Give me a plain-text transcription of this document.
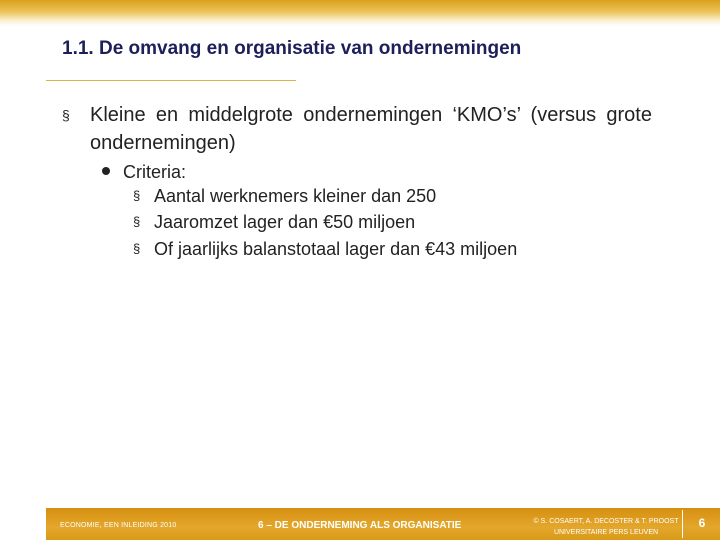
1.1. De omvang en organisatie van ondernemingen
§	Kleine en middelgrote ondernemingen ‘KMO’s’ (versus grote ondernemingen)
Criteria:
§ Aantal werknemers kleiner dan 250
§ Jaaromzet lager dan €50 miljoen
§ Of jaarlijks balanstotaal lager dan €43 miljoen
ECONOMIE, EEN INLEIDING 2010	6 – DE ONDERNEMING ALS ORGANISATIE	© S. COSAERT, A. DECOSTER & T. PROOST
UNIVERSITAIRE PERS LEUVEN
6
